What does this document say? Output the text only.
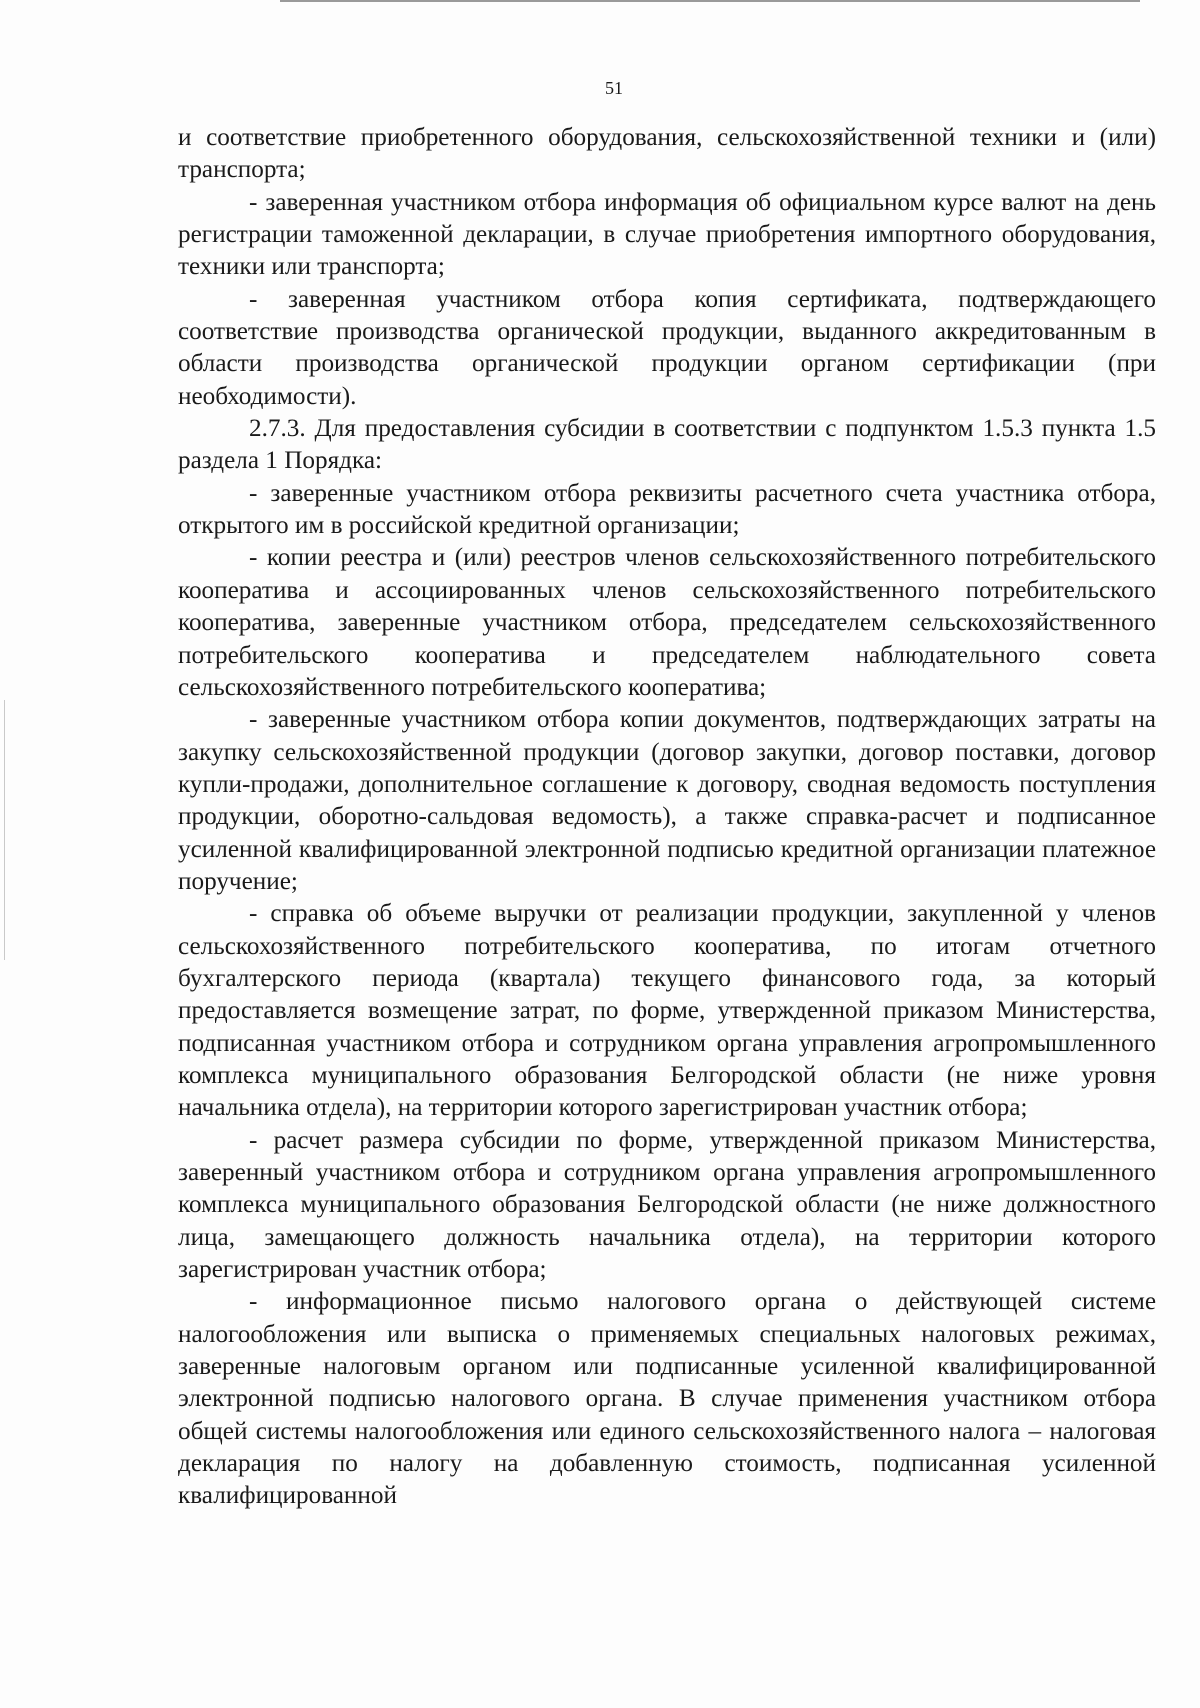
51

и соответствие приобретенного оборудования, сельскохозяйственной техники и (или) транспорта;

- заверенная участником отбора информация об официальном курсе валют на день регистрации таможенной декларации, в случае приобретения импортного оборудования, техники или транспорта;

- заверенная участником отбора копия сертификата, подтверждающего соответствие производства органической продукции, выданного аккредитованным в области производства органической продукции органом сертификации (при необходимости).

2.7.3. Для предоставления субсидии в соответствии с подпунктом 1.5.3 пункта 1.5 раздела 1 Порядка:

- заверенные участником отбора реквизиты расчетного счета участника отбора, открытого им в российской кредитной организации;

- копии реестра и (или) реестров членов сельскохозяйственного потребительского кооператива и ассоциированных членов сельскохозяйственного потребительского кооператива, заверенные участником отбора, председателем сельскохозяйственного потребительского кооператива и председателем наблюдательного совета сельскохозяйственного потребительского кооператива;

- заверенные участником отбора копии документов, подтверждающих затраты на закупку сельскохозяйственной продукции (договор закупки, договор поставки, договор купли-продажи, дополнительное соглашение к договору, сводная ведомость поступления продукции, оборотно-сальдовая ведомость), а также справка-расчет и подписанное усиленной квалифицированной электронной подписью кредитной организации платежное поручение;

- справка об объеме выручки от реализации продукции, закупленной у членов сельскохозяйственного потребительского кооператива, по итогам отчетного бухгалтерского периода (квартала) текущего финансового года, за который предоставляется возмещение затрат, по форме, утвержденной приказом Министерства, подписанная участником отбора и сотрудником органа управления агропромышленного комплекса муниципального образования Белгородской области (не ниже уровня начальника отдела), на территории которого зарегистрирован участник отбора;

- расчет размера субсидии по форме, утвержденной приказом Министерства, заверенный участником отбора и сотрудником органа управления агропромышленного комплекса муниципального образования Белгородской области (не ниже должностного лица, замещающего должность начальника отдела), на территории которого зарегистрирован участник отбора;

- информационное письмо налогового органа о действующей системе налогообложения или выписка о применяемых специальных налоговых режимах, заверенные налоговым органом или подписанные усиленной квалифицированной электронной подписью налогового органа. В случае применения участником отбора общей системы налогообложения или единого сельскохозяйственного налога – налоговая декларация по налогу на добавленную стоимость, подписанная усиленной квалифицированной
